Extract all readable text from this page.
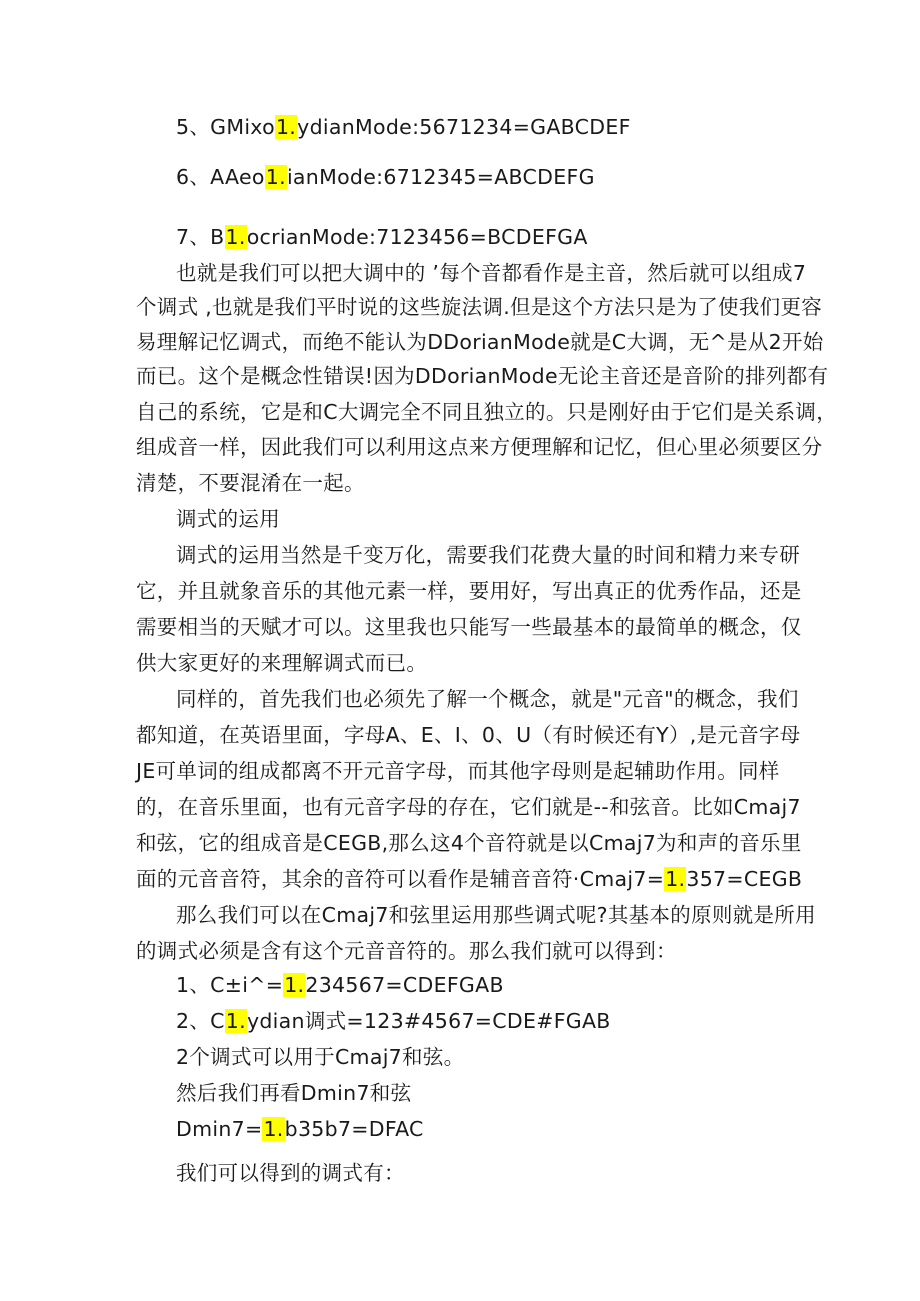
5、GMixo1.ydianMode:5671234=GABCDEF
6、AAeo1.ianMode:6712345=ABCDEFG
7、B1.ocrianMode:7123456=BCDEFGA
也就是我们可以把大调中的 ’每个音都看作是主音，然后就可以组成7
个调式 ,也就是我们平时说的这些旋法调.但是这个方法只是为了使我们更容
易理解记忆调式，而绝不能认为DDorianMode就是C大调，无^是从2开始
而已。这个是概念性错误!因为DDorianMode无论主音还是音阶的排列都有
自己的系统，它是和C大调完全不同且独立的。只是刚好由于它们是关系调，
组成音一样，因此我们可以利用这点来方便理解和记忆，但心里必须要区分
清楚，不要混淆在一起。
调式的运用
调式的运用当然是千变万化，需要我们花费大量的时间和精力来专研
它，并且就象音乐的其他元素一样，要用好，写出真正的优秀作品，还是
需要相当的天赋才可以。这里我也只能写一些最基本的最简单的概念，仅
供大家更好的来理解调式而已。
同样的，首先我们也必须先了解一个概念，就是"元音"的概念，我们
都知道，在英语里面，字母A、E、I、0、U（有时候还有Y）,是元音字母
JE可单词的组成都离不开元音字母，而其他字母则是起辅助作用。同样
的，在音乐里面，也有元音字母的存在，它们就是--和弦音。比如Cmaj7
和弦，它的组成音是CEGB,那么这4个音符就是以Cmaj7为和声的音乐里
面的元音音符，其余的音符可以看作是辅音音符·Cmaj7=1.357=CEGB
那么我们可以在Cmaj7和弦里运用那些调式呢?其基本的原则就是所用
的调式必须是含有这个元音音符的。那么我们就可以得到：
1、C±i^=1.234567=CDEFGAB
2、C1.ydian调式=123#4567=CDE#FGAB
2个调式可以用于Cmaj7和弦。
然后我们再看Dmin7和弦
Dmin7=1.b35b7=DFAC
我们可以得到的调式有：
